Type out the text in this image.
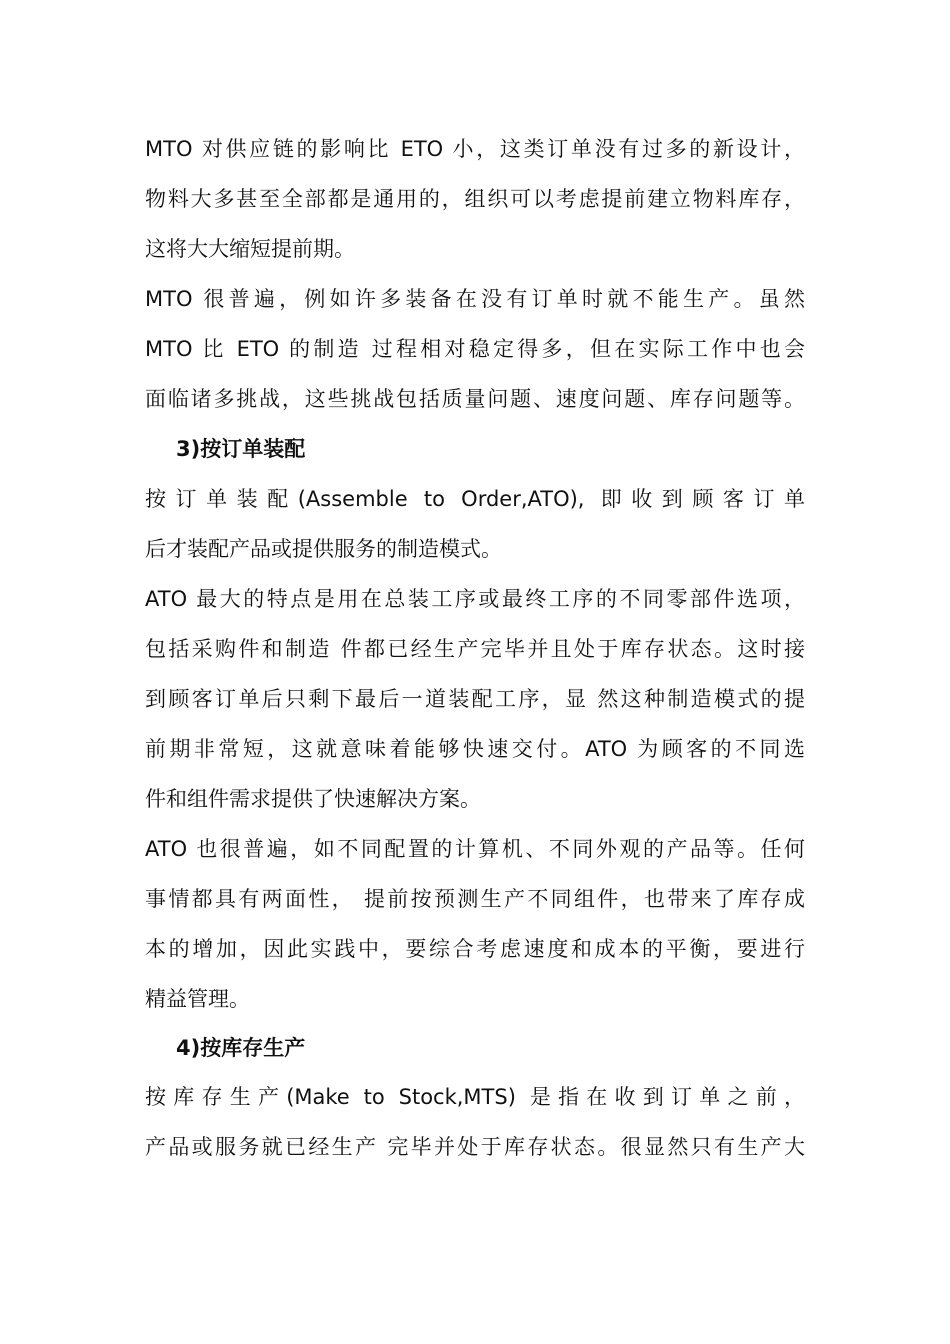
MTO 对供应链的影响比 ETO 小，这类订单没有过多的新设计，
物料大多甚至全部都是通用的，组织可以考虑提前建立物料库存，
这将大大缩短提前期。
MTO 很普遍，例如许多装备在没有订单时就不能生产。虽然
MTO 比 ETO 的制造 过程相对稳定得多，但在实际工作中也会
面临诸多挑战，这些挑战包括质量问题、速度问题、库存问题等。
3)按订单装配
按订单装配(Assemble to Order,ATO), 即收到顾客订单
后才装配产品或提供服务的制造模式。
ATO 最大的特点是用在总装工序或最终工序的不同零部件选项，
包括采购件和制造 件都已经生产完毕并且处于库存状态。这时接
到顾客订单后只剩下最后一道装配工序，显 然这种制造模式的提
前期非常短，这就意味着能够快速交付。ATO 为顾客的不同选
件和组件需求提供了快速解决方案。
ATO 也很普遍，如不同配置的计算机、不同外观的产品等。任何
事情都具有两面性， 提前按预测生产不同组件，也带来了库存成
本的增加，因此实践中，要综合考虑速度和成本的平衡，要进行
精益管理。
4)按库存生产
按库存生产(Make to Stock,MTS) 是指在收到订单之前，
产品或服务就已经生产 完毕并处于库存状态。很显然只有生产大
